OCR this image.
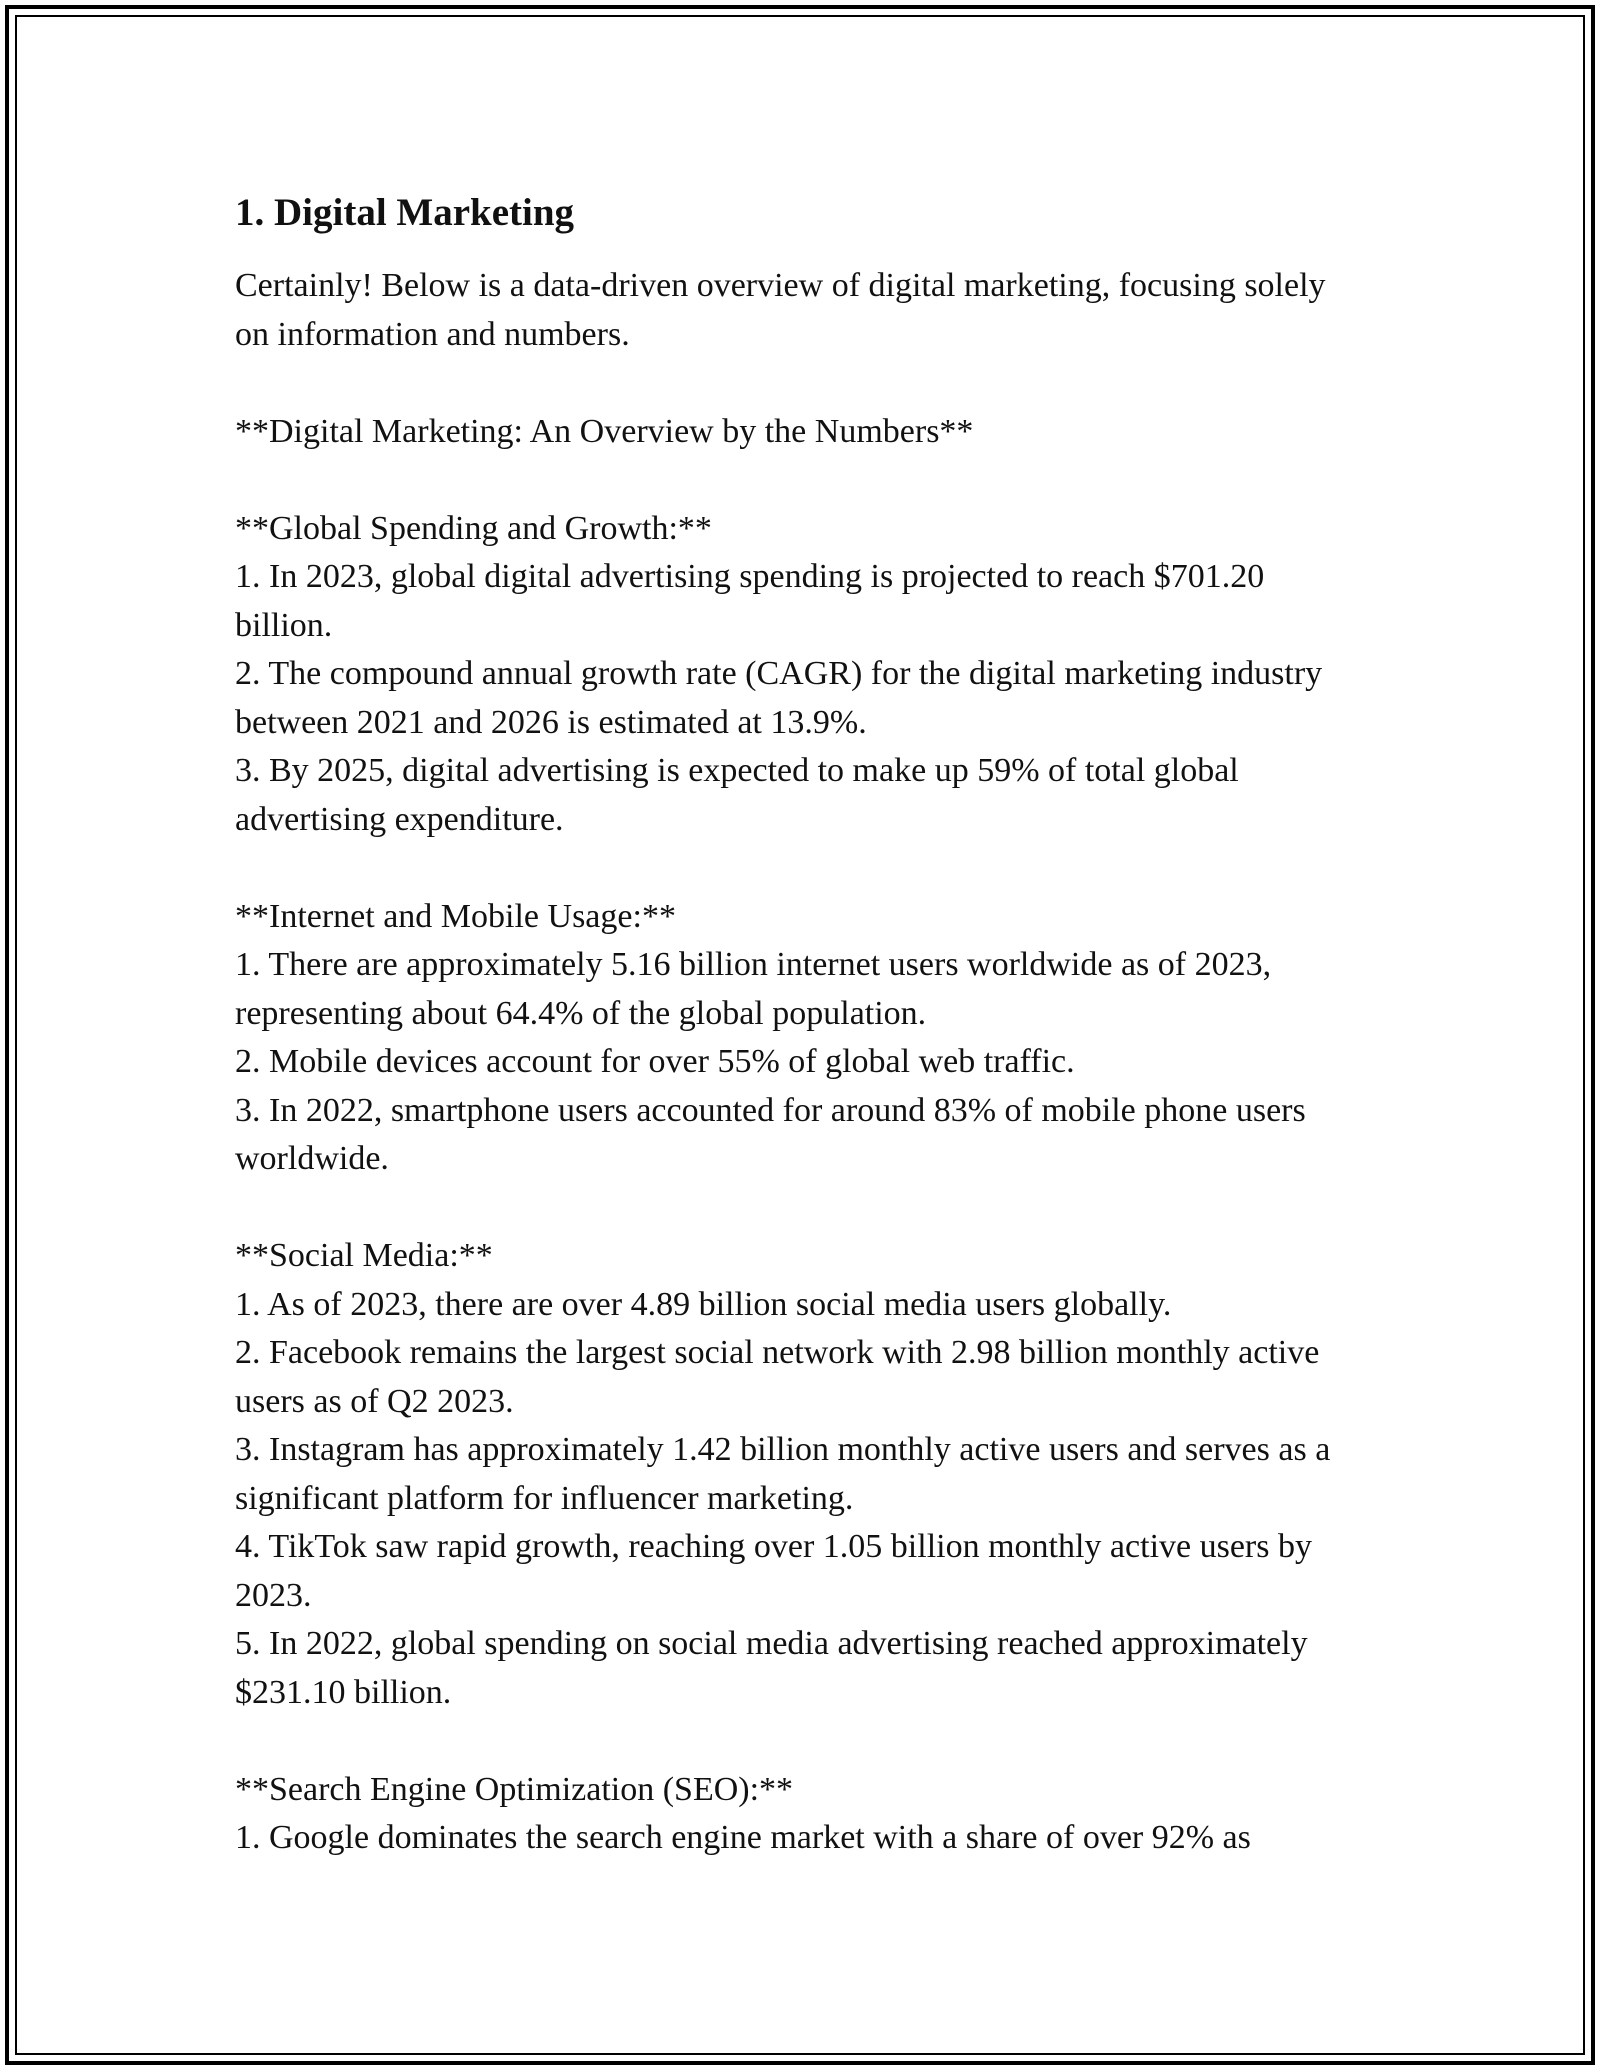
1. Digital Marketing

Certainly! Below is a data-driven overview of digital marketing, focusing solely on information and numbers.

**Digital Marketing: An Overview by the Numbers**

**Global Spending and Growth:**

1. In 2023, global digital advertising spending is projected to reach $701.20 billion.

2. The compound annual growth rate (CAGR) for the digital marketing industry between 2021 and 2026 is estimated at 13.9%.

3. By 2025, digital advertising is expected to make up 59% of total global advertising expenditure.

**Internet and Mobile Usage:**

1. There are approximately 5.16 billion internet users worldwide as of 2023, representing about 64.4% of the global population.

2. Mobile devices account for over 55% of global web traffic.

3. In 2022, smartphone users accounted for around 83% of mobile phone users worldwide.

**Social Media:**

1. As of 2023, there are over 4.89 billion social media users globally.

2. Facebook remains the largest social network with 2.98 billion monthly active users as of Q2 2023.

3. Instagram has approximately 1.42 billion monthly active users and serves as a significant platform for influencer marketing.

4. TikTok saw rapid growth, reaching over 1.05 billion monthly active users by 2023.

5. In 2022, global spending on social media advertising reached approximately $231.10 billion.

**Search Engine Optimization (SEO):**

1. Google dominates the search engine market with a share of over 92% as
